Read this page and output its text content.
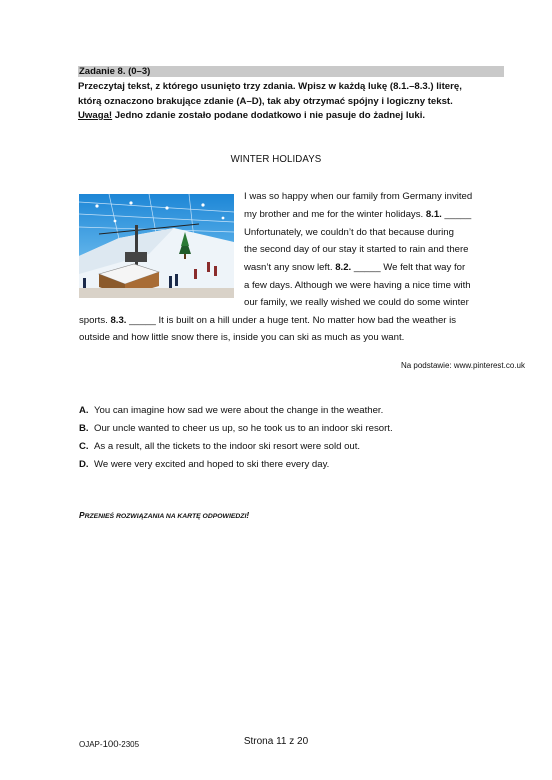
Zadanie 8. (0–3)
Przeczytaj tekst, z którego usunięto trzy zdania. Wpisz w każdą lukę (8.1.–8.3.) literę,
którą oznaczono brakujące zdanie (A–D), tak aby otrzymać spójny i logiczny tekst.
Uwaga! Jedno zdanie zostało podane dodatkowo i nie pasuje do żadnej luki.
WINTER HOLIDAYS
I was so happy when our family from Germany invited
my brother and me for the winter holidays. 8.1. _____
Unfortunately, we couldn’t do that because during
the second day of our stay it started to rain and there
wasn’t any snow left. 8.2. _____ We felt that way for
a few days. Although we were having a nice time with
our family, we really wished we could do some winter
sports. 8.3. _____ It is built on a hill under a huge tent. No matter how bad the weather is
outside and how little snow there is, inside you can ski as much as you want.
Na podstawie: www.pinterest.co.uk
A. You can imagine how sad we were about the change in the weather.
B. Our uncle wanted to cheer us up, so he took us to an indoor ski resort.
C. As a result, all the tickets to the indoor ski resort were sold out.
D. We were very excited and hoped to ski there every day.
PRZENIEŚ ROZWIĄZANIA NA KARTĘ ODPOWIEDZI!
OJAP-100-2305	Strona 11 z 20
